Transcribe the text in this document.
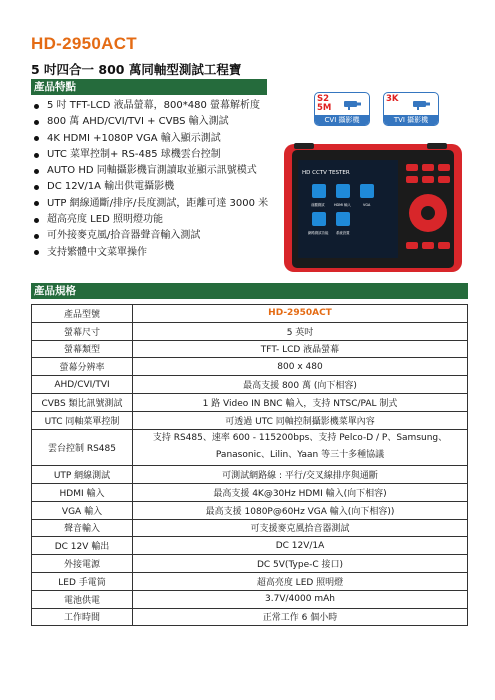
HD-2950ACT
5 吋四合一 800 萬同軸型測試工程寶
產品特點
5 吋 TFT-LCD 液晶螢幕，800*480 螢幕解析度
800 萬 AHD/CVI/TVI + CVBS 輸入測試
4K HDMI +1080P VGA 輸入顯示測試
UTC 菜單控制+ RS-485 球機雲台控制
AUTO HD 同軸攝影機盲測讀取並顯示訊號模式
DC 12V/1A 輸出供電攝影機
UTP 網線通斷/排序/長度測試，距離可達 3000 米
超高亮度 LED 照明燈功能
可外接麥克風/拾音器聲音輸入測試
支持繁體中文菜單操作
S2
5M
CVI 攝影機
3K
TVI 攝影機
HD CCTV TESTER
前觀測試	HDMI 輸入	VGA
網路測試功能 系統設置
產品規格
產品型號	HD-2950ACT
螢幕尺寸	5 英吋
螢幕類型	TFT- LCD 液晶螢幕
螢幕分辨率	800 x 480
AHD/CVI/TVI	最高支援 800 萬 (向下相容)
CVBS 類比訊號測試	1 路 Video IN BNC 輸入，支持 NTSC/PAL 制式
UTC 同軸菜單控制	可透過 UTC 同軸控制攝影機菜單內容
雲台控制 RS485	支持 RS485、速率 600 - 115200bps、支持 Pelco-D / P、Samsung、
Panasonic、Lilin、Yaan 等三十多種協議

UTP 網線測試	可測試網路線 : 平行/交叉線排序與通斷
HDMI 輸入	最高支援 4K@30Hz HDMI 輸入(向下相容)
VGA 輸入	最高支援 1080P@60Hz VGA 輸入(向下相容))
聲音輸入	可支援麥克風拾音器測試
DC 12V 輸出	DC 12V/1A
外接電源	DC 5V(Type-C 接口)
LED 手電筒	超高亮度 LED 照明燈
電池供電	3.7V/4000 mAh
工作時間	正常工作 6 個小時
